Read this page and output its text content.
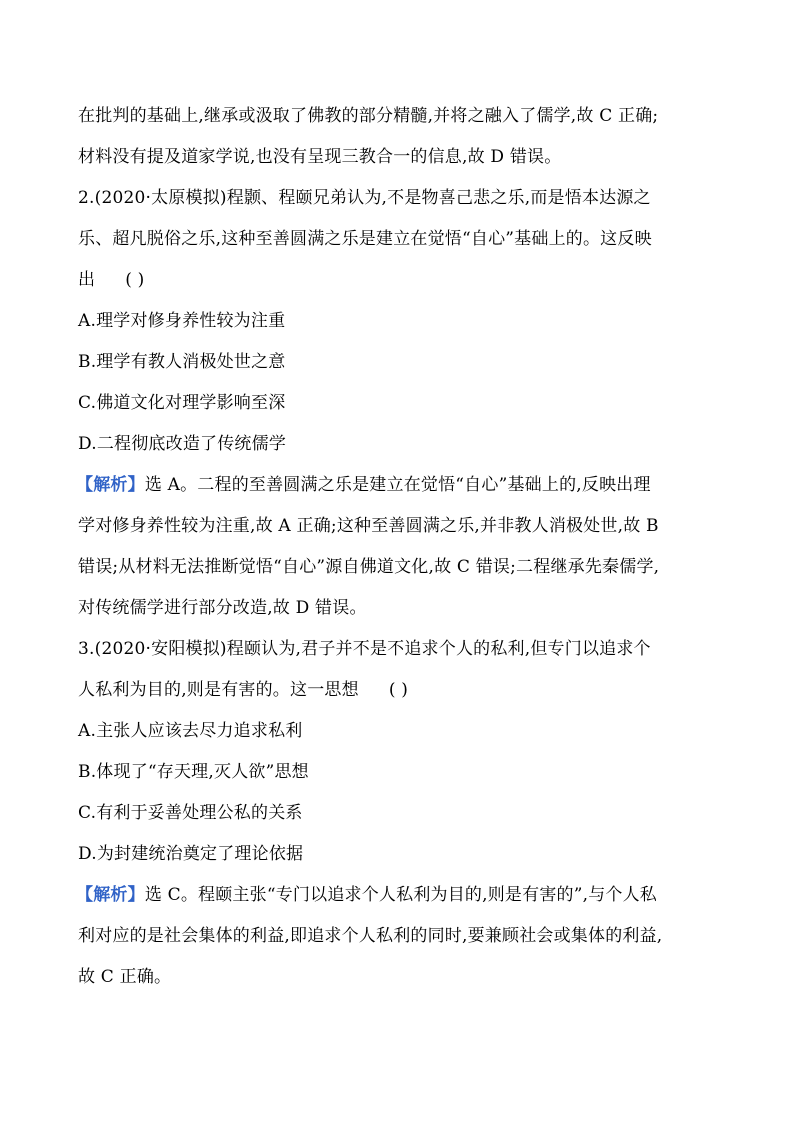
在批判的基础上,继承或汲取了佛教的部分精髓,并将之融入了儒学,故 C 正确;
材料没有提及道家学说,也没有呈现三教合一的信息,故 D 错误。
2.(2020·太原模拟)程颢、程颐兄弟认为,不是物喜己悲之乐,而是悟本达源之
乐、超凡脱俗之乐,这种至善圆满之乐是建立在觉悟“自心”基础上的。这反映
出 ( )
A.理学对修身养性较为注重
B.理学有教人消极处世之意
C.佛道文化对理学影响至深
D.二程彻底改造了传统儒学
【解析】选 A。二程的至善圆满之乐是建立在觉悟“自心”基础上的,反映出理
学对修身养性较为注重,故 A 正确;这种至善圆满之乐,并非教人消极处世,故 B
错误;从材料无法推断觉悟“自心”源自佛道文化,故 C 错误;二程继承先秦儒学,
对传统儒学进行部分改造,故 D 错误。
3.(2020·安阳模拟)程颐认为,君子并不是不追求个人的私利,但专门以追求个
人私利为目的,则是有害的。这一思想 ( )
A.主张人应该去尽力追求私利
B.体现了“存天理,灭人欲”思想
C.有利于妥善处理公私的关系
D.为封建统治奠定了理论依据
【解析】选 C。程颐主张“专门以追求个人私利为目的,则是有害的”,与个人私
利对应的是社会集体的利益,即追求个人私利的同时,要兼顾社会或集体的利益,
故 C 正确。
